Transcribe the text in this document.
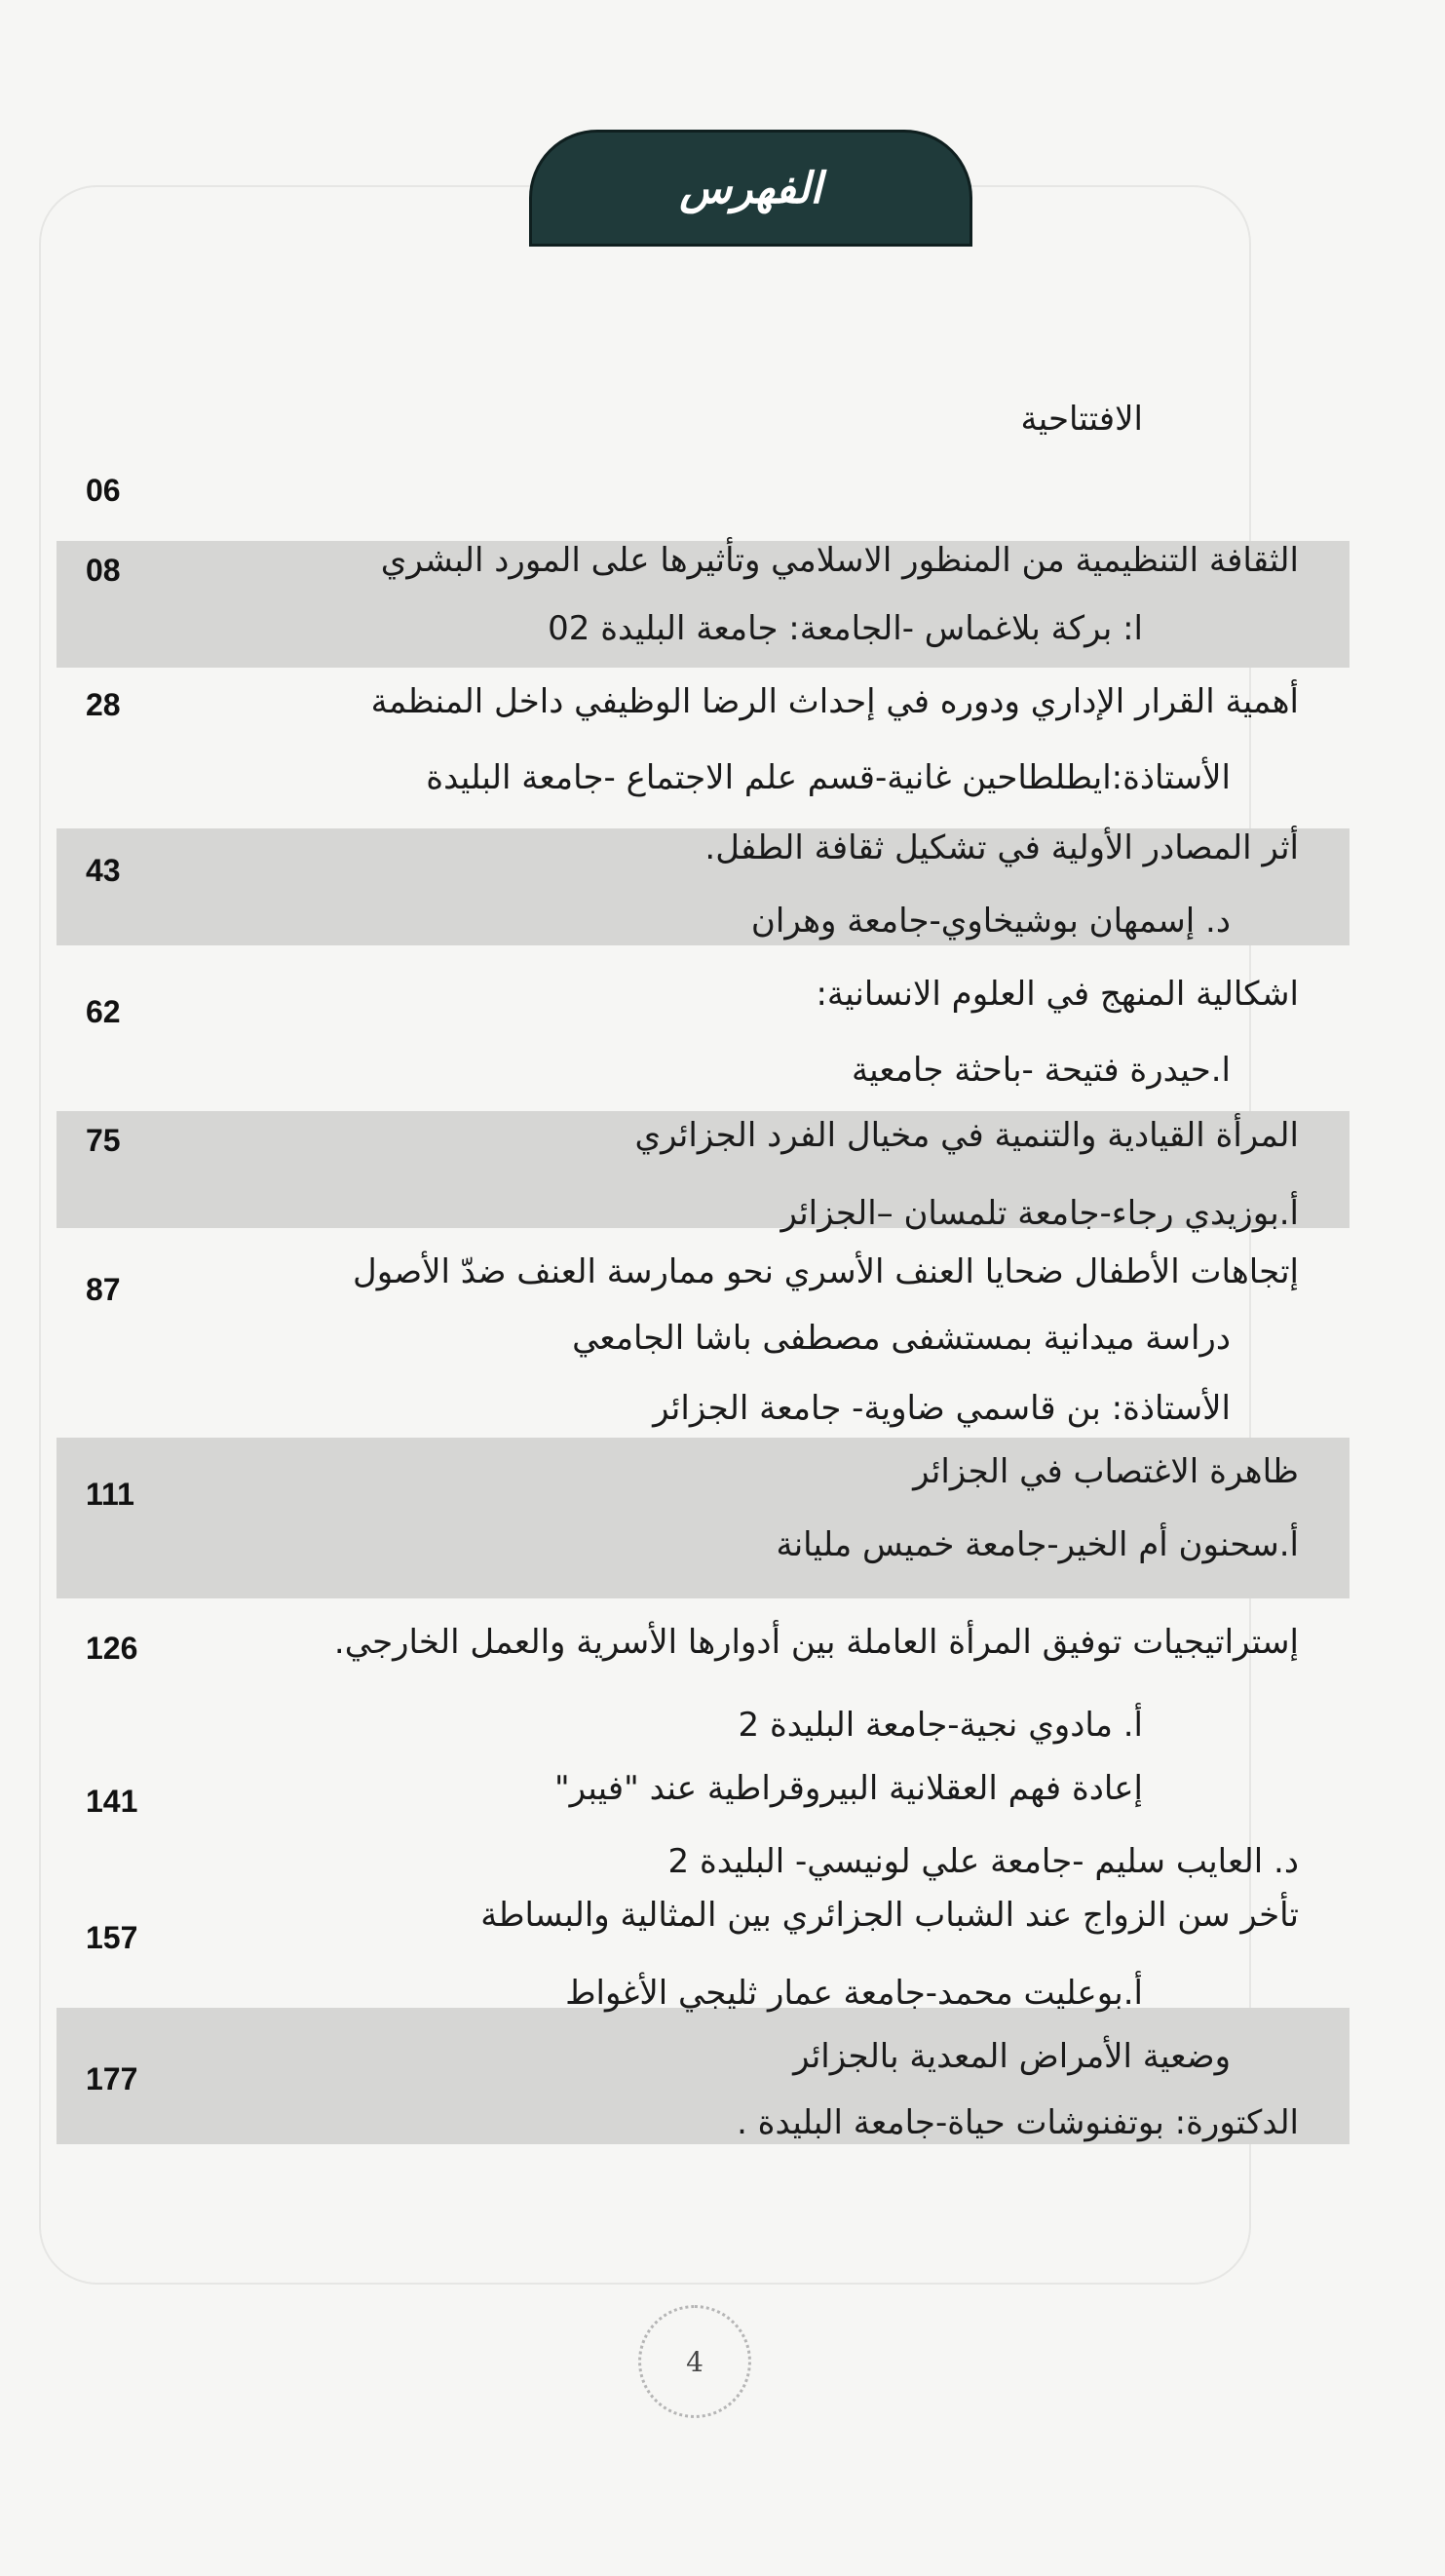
الفهرس
الافتتاحية
06
الثقافة التنظيمية من المنظور الاسلامي وتأثيرها على المورد البشري
08
ا: بركة بلاغماس -الجامعة: جامعة البليدة 02
أهمية القرار الإداري ودوره في إحداث الرضا الوظيفي داخل المنظمة
28
الأستاذة:ايطلطاحين غانية-قسم علم الاجتماع -جامعة البليدة
أثر المصادر الأولية في تشكيل ثقافة الطفل.
43
د. إسمهان بوشيخاوي-جامعة وهران
اشكالية المنهج في العلوم الانسانية:
62
ا.حيدرة فتيحة -باحثة جامعية
المرأة القيادية والتنمية في مخيال الفرد الجزائري
75
أ.بوزيدي رجاء-جامعة تلمسان –الجزائر
إتجاهات الأطفال ضحايا العنف الأسري نحو ممارسة العنف ضدّ الأصول
87
دراسة ميدانية بمستشفى مصطفى باشا الجامعي
الأستاذة: بن قاسمي ضاوية- جامعة الجزائر
ظاهرة الاغتصاب في الجزائر
111
أ.سحنون أم الخير-جامعة خميس مليانة
إستراتيجيات توفيق المرأة العاملة بين أدوارها الأسرية والعمل الخارجي.
126
أ. مادوي نجية-جامعة البليدة 2
إعادة فهم العقلانية البيروقراطية عند "فيبر"
141
د. العايب سليم -جامعة علي لونيسي- البليدة 2
تأخر سن الزواج عند الشباب الجزائري بين المثالية والبساطة
157
أ.بوعليت محمد-جامعة عمار ثليجي الأغواط
وضعية الأمراض المعدية بالجزائر
177
الدكتورة: بوتفنوشات حياة-جامعة البليدة .
4
